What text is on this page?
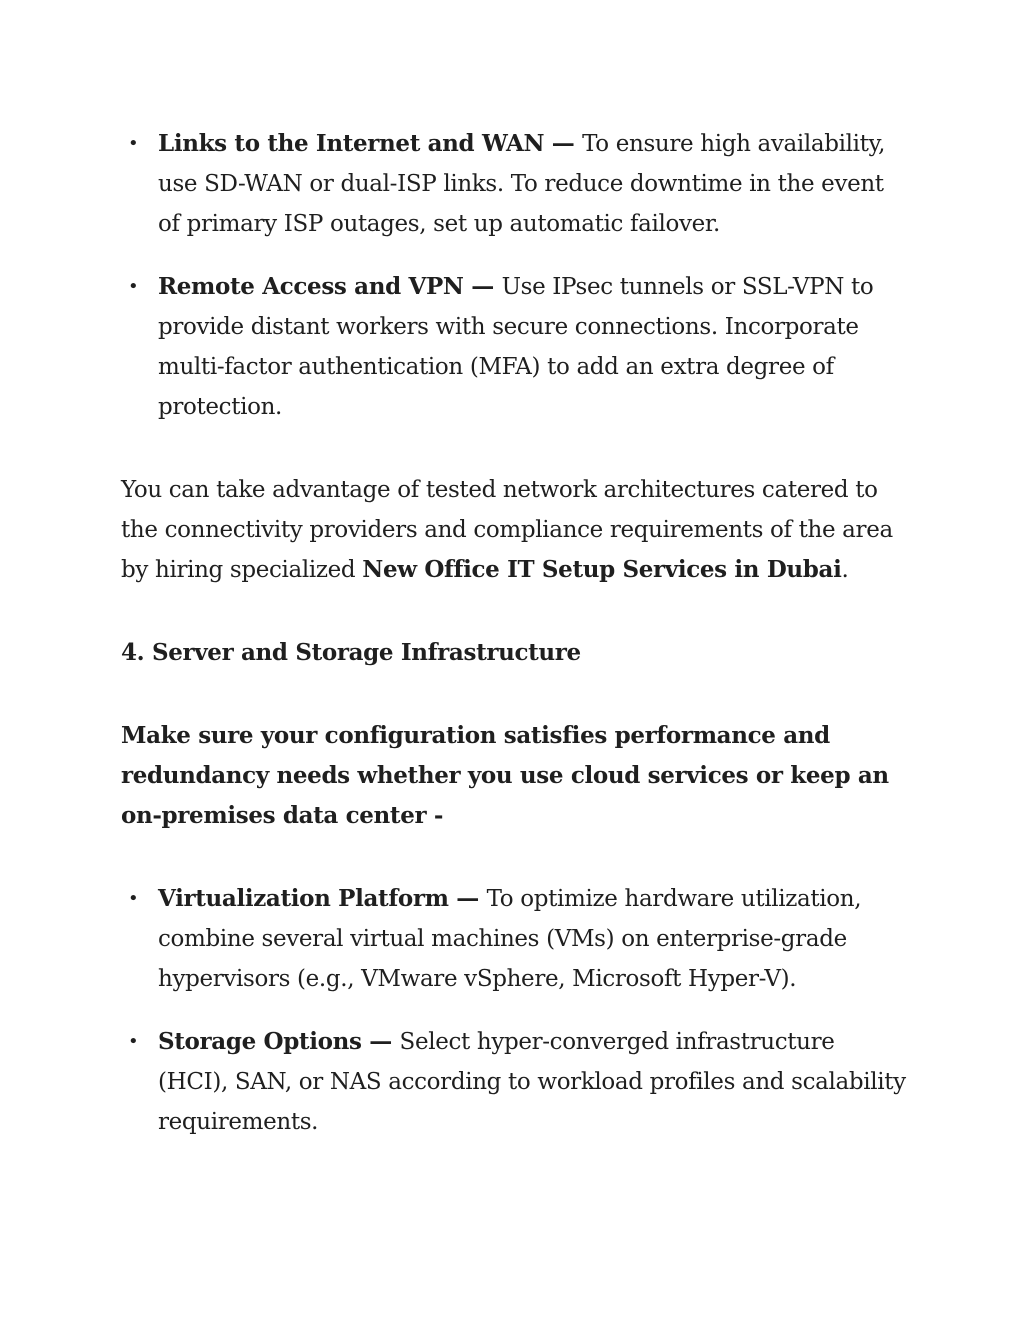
• Links to the Internet and WAN — To ensure high availability, use SD-WAN or dual-ISP links. To reduce downtime in the event of primary ISP outages, set up automatic failover.
• Remote Access and VPN — Use IPsec tunnels or SSL-VPN to provide distant workers with secure connections. Incorporate multi-factor authentication (MFA) to add an extra degree of protection.

You can take advantage of tested network architectures catered to the connectivity providers and compliance requirements of the area by hiring specialized New Office IT Setup Services in Dubai.

4. Server and Storage Infrastructure

Make sure your configuration satisfies performance and redundancy needs whether you use cloud services or keep an on-premises data center -

• Virtualization Platform — To optimize hardware utilization, combine several virtual machines (VMs) on enterprise-grade hypervisors (e.g., VMware vSphere, Microsoft Hyper-V).
• Storage Options — Select hyper-converged infrastructure (HCI), SAN, or NAS according to workload profiles and scalability requirements.
